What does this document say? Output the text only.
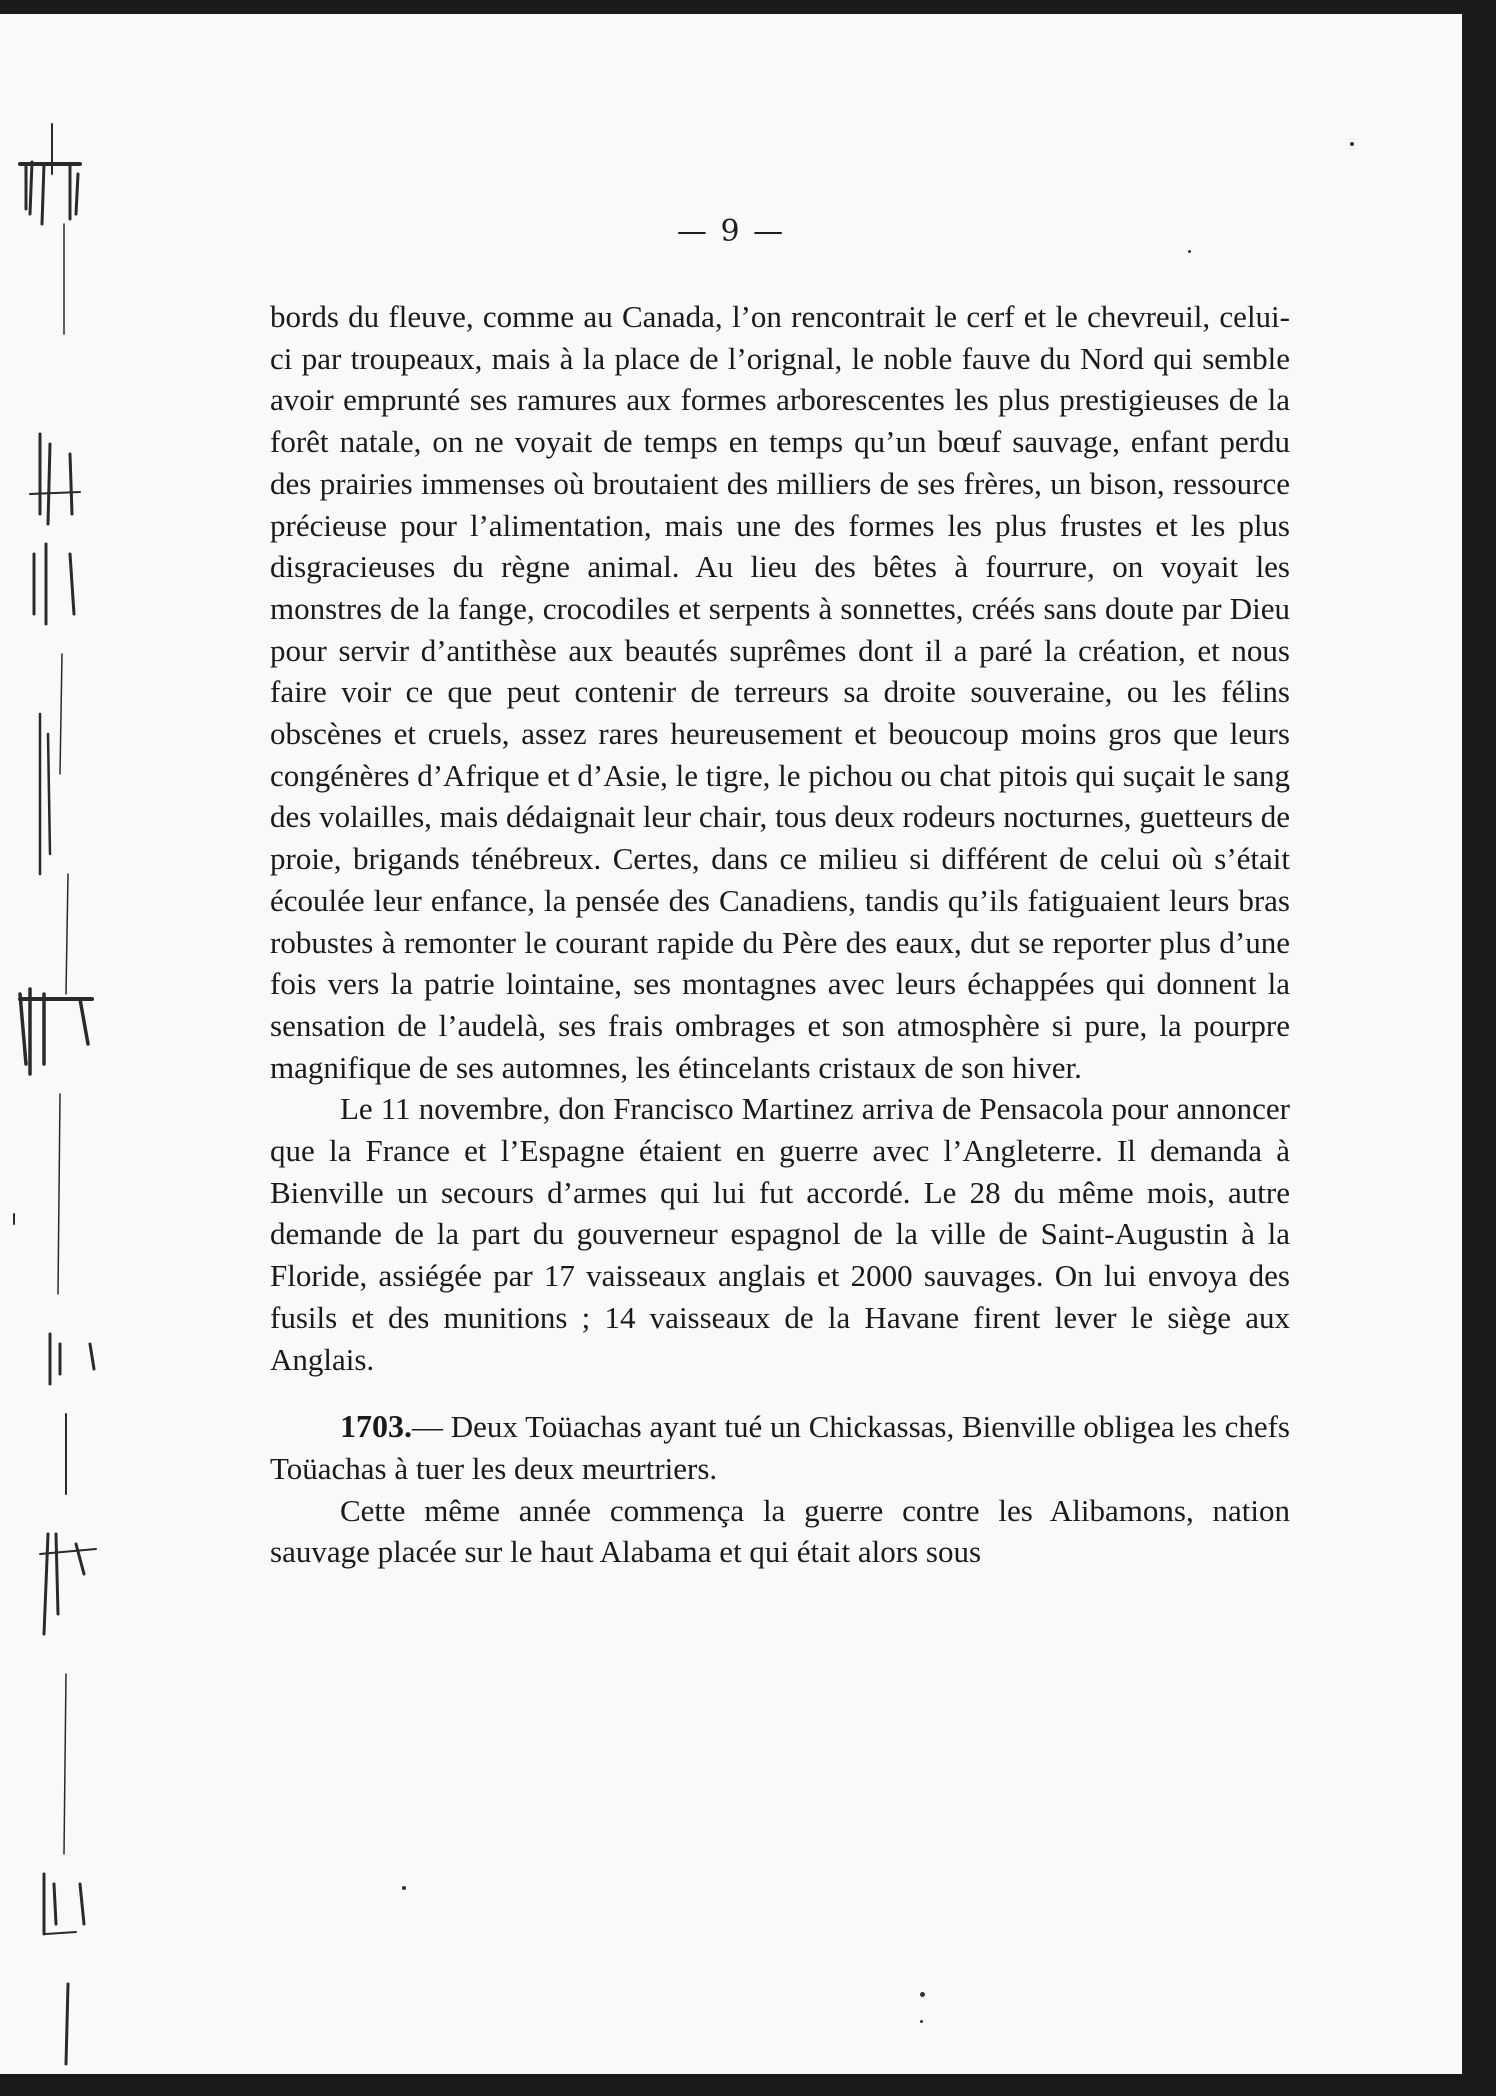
— 9 —

bords du fleuve, comme au Canada, l’on rencontrait le cerf et le chevreuil, celui-ci par troupeaux, mais à la place de l’orignal, le noble fauve du Nord qui semble avoir emprunté ses ramures aux formes arborescentes les plus prestigieuses de la forêt natale, on ne voyait de temps en temps qu’un bœuf sauvage, enfant perdu des prairies immenses où broutaient des milliers de ses frères, un bison, ressource précieuse pour l’alimentation, mais une des formes les plus frustes et les plus disgracieuses du règne animal. Au lieu des bêtes à fourrure, on voyait les monstres de la fange, crocodiles et serpents à sonnettes, créés sans doute par Dieu pour servir d’antithèse aux beautés suprêmes dont il a paré la création, et nous faire voir ce que peut contenir de terreurs sa droite souveraine, ou les félins obscènes et cruels, assez rares heureusement et beoucoup moins gros que leurs congénères d’Afrique et d’Asie, le tigre, le pichou ou chat pitois qui suçait le sang des volailles, mais dédaignait leur chair, tous deux rodeurs nocturnes, guetteurs de proie, brigands ténébreux. Certes, dans ce milieu si différent de celui où s’était écoulée leur enfance, la pensée des Canadiens, tandis qu’ils fatiguaient leurs bras robustes à remonter le courant rapide du Père des eaux, dut se reporter plus d’une fois vers la patrie lointaine, ses montagnes avec leurs échappées qui donnent la sensation de l’audelà, ses frais ombrages et son atmosphère si pure, la pourpre magnifique de ses automnes, les étincelants cristaux de son hiver.

Le 11 novembre, don Francisco Martinez arriva de Pensacola pour annoncer que la France et l’Espagne étaient en guerre avec l’Angleterre. Il demanda à Bienville un secours d’armes qui lui fut accordé. Le 28 du même mois, autre demande de la part du gouverneur espagnol de la ville de Saint-Augustin à la Floride, assiégée par 17 vaisseaux anglais et 2000 sauvages. On lui envoya des fusils et des munitions ; 14 vaisseaux de la Havane firent lever le siège aux Anglais.

1703.— Deux Toüachas ayant tué un Chickassas, Bienville obligea les chefs Toüachas à tuer les deux meurtriers.

Cette même année commença la guerre contre les Alibamons, nation sauvage placée sur le haut Alabama et qui était alors sous
